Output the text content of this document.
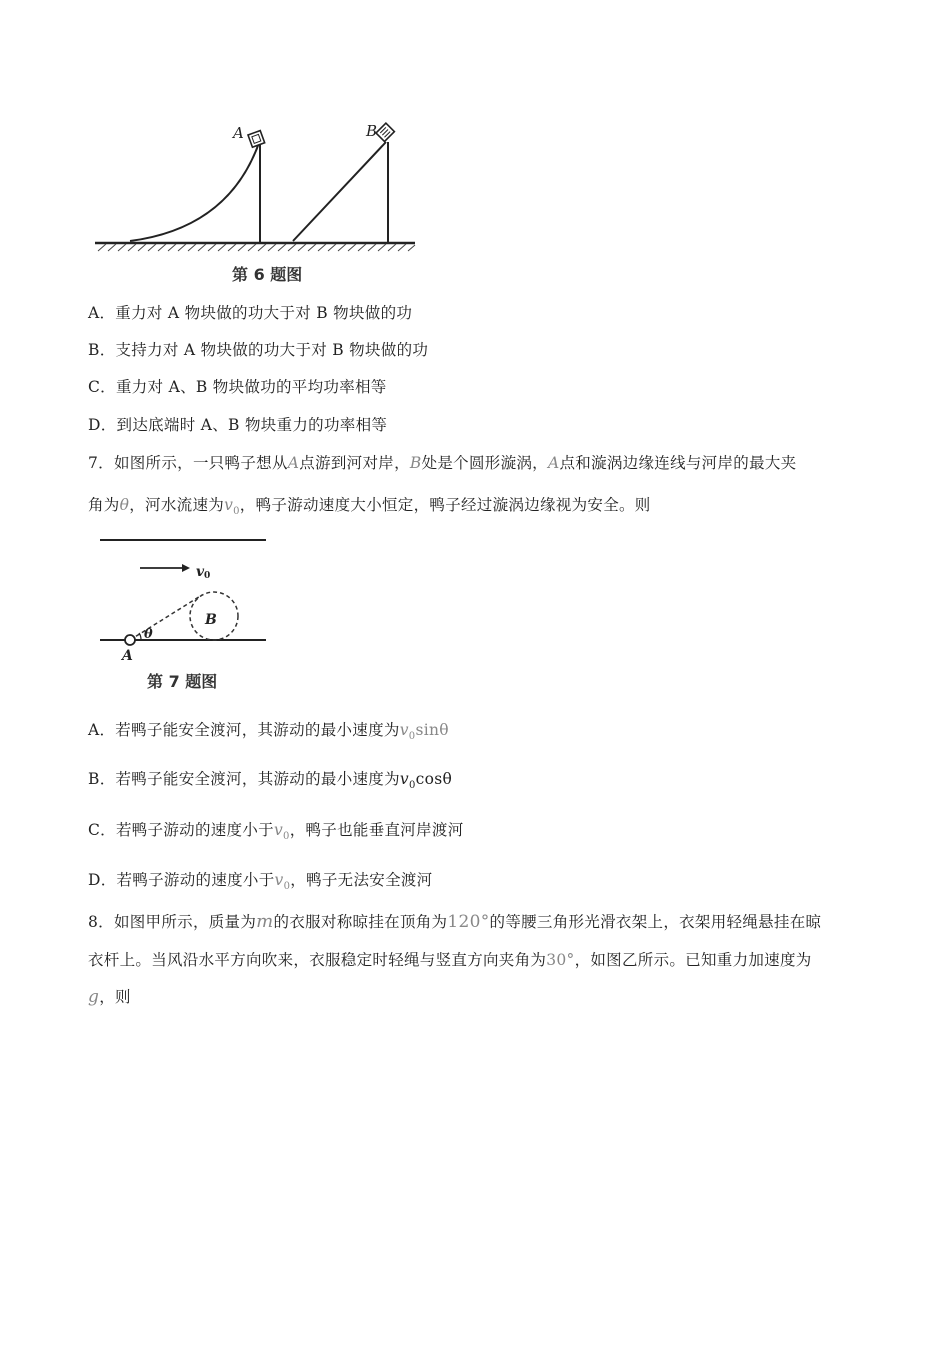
A	B
第 6 题图
A．重力对 A 物块做的功大于对 B 物块做的功
B．支持力对 A 物块做的功大于对 B 物块做的功
C．重力对 A、B 物块做功的平均功率相等
D．到达底端时 A、B 物块重力的功率相等
7．如图所示，一只鸭子想从A点游到河对岸，B处是个圆形漩涡，A点和漩涡边缘连线与河岸的最大夹
角为θ，河水流速为$v_0$，鸭子游动速度大小恒定，鸭子经过漩涡边缘视为安全。则
v 0
B
θ
A
第 7 题图
A．若鸭子能安全渡河，其游动的最小速度为$v_0\sin\theta$
B．若鸭子能安全渡河，其游动的最小速度为$v_0\cos\theta$
C．若鸭子游动的速度小于$v_0$，鸭子也能垂直河岸渡河
D．若鸭子游动的速度小于$v_0$，鸭子无法安全渡河
8．如图甲所示，质量为m的衣服对称晾挂在顶角为120°的等腰三角形光滑衣架上，衣架用轻绳悬挂在晾
衣杆上。当风沿水平方向吹来，衣服稳定时轻绳与竖直方向夹角为30°，如图乙所示。已知重力加速度为
g，则
